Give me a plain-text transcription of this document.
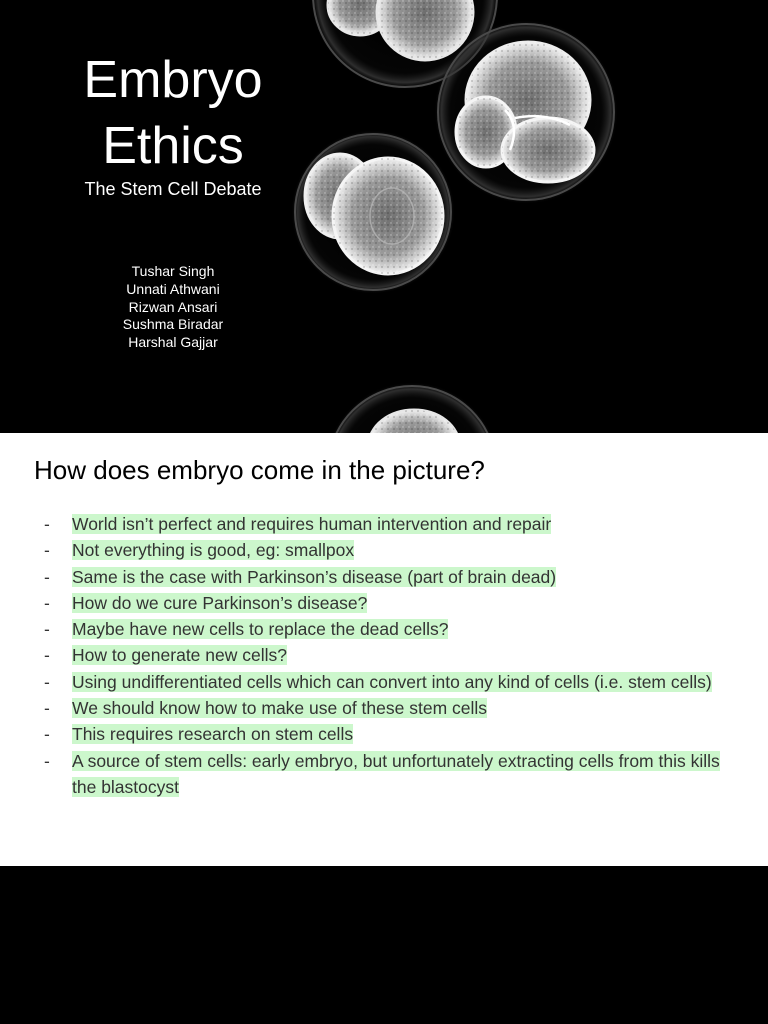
Embryo
Ethics
The Stem Cell Debate
Tushar Singh
Unnati Athwani
Rizwan Ansari
Sushma Biradar
Harshal Gajjar
How does embryo come in the picture?
- World isn’t perfect and requires human intervention and repair
- Not everything is good, eg: smallpox
- Same is the case with Parkinson’s disease (part of brain dead)
- How do we cure Parkinson’s disease?
- Maybe have new cells to replace the dead cells?
- How to generate new cells?
- Using undifferentiated cells which can convert into any kind of cells (i.e. stem cells)
- We should know how to make use of these stem cells
- This requires research on stem cells
- A source of stem cells: early embryo, but unfortunately extracting cells from this kills the blastocyst
